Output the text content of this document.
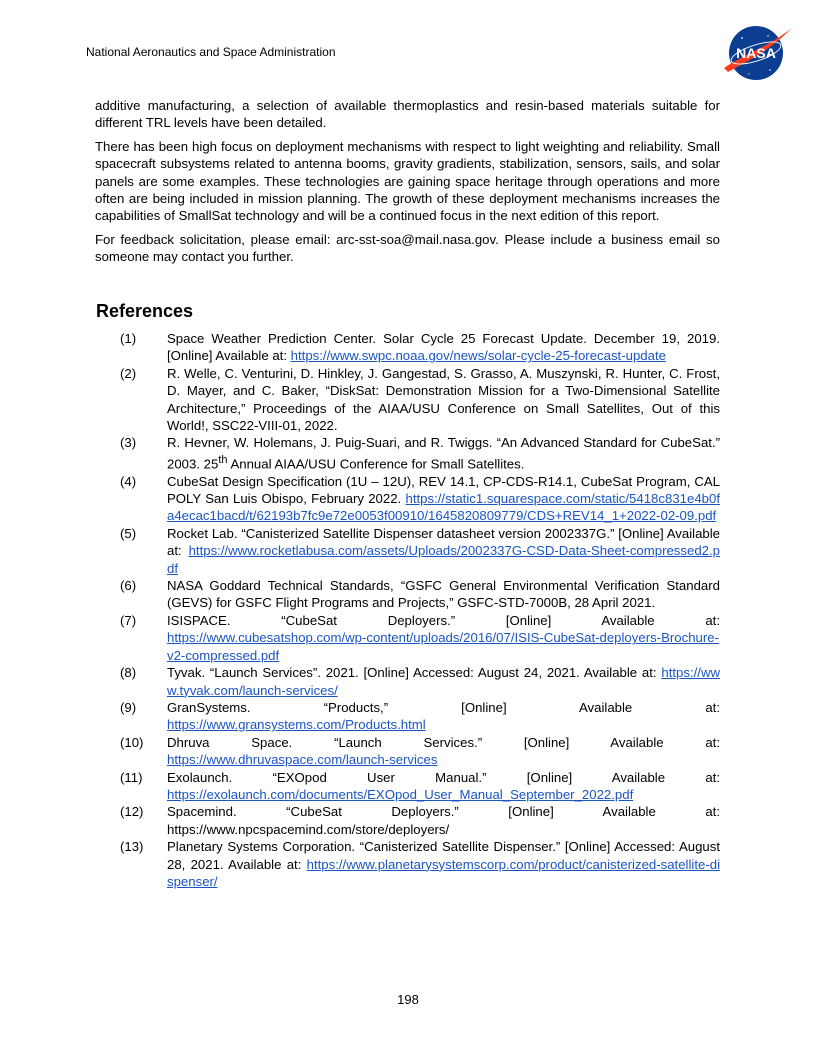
National Aeronautics and Space Administration	NASA

additive manufacturing, a selection of available thermoplastics and resin-based materials suitable for different TRL levels have been detailed.

There has been high focus on deployment mechanisms with respect to light weighting and reliability. Small spacecraft subsystems related to antenna booms, gravity gradients, stabilization, sensors, sails, and solar panels are some examples. These technologies are gaining space heritage through operations and more often are being included in mission planning. The growth of these deployment mechanisms increases the capabilities of SmallSat technology and will be a continued focus in the next edition of this report.

For feedback solicitation, please email: arc-sst-soa@mail.nasa.gov. Please include a business email so someone may contact you further.

References
(1)	Space Weather Prediction Center. Solar Cycle 25 Forecast Update. December 19, 2019. [Online] Available at: https://www.swpc.noaa.gov/news/solar-cycle-25-forecast-update
(2)	R. Welle, C. Venturini, D. Hinkley, J. Gangestad, S. Grasso, A. Muszynski, R. Hunter, C. Frost, D. Mayer, and C. Baker, “DiskSat: Demonstration Mission for a Two-Dimensional Satellite Architecture,” Proceedings of the AIAA/USU Conference on Small Satellites, Out of this World!, SSC22-VIII-01, 2022.
(3)	R. Hevner, W. Holemans, J. Puig-Suari, and R. Twiggs. “An Advanced Standard for CubeSat.” 2003. 25th Annual AIAA/USU Conference for Small Satellites.
(4)	CubeSat Design Specification (1U – 12U), REV 14.1, CP-CDS-R14.1, CubeSat Program, CAL POLY San Luis Obispo, February 2022. https://static1.squarespace.com/static/5418c831e4b0fa4ecac1bacd/t/62193b7fc9e72e0053f00910/1645820809779/CDS+REV14_1+2022-02-09.pdf
(5)	Rocket Lab. “Canisterized Satellite Dispenser datasheet version 2002337G.” [Online] Available at: https://www.rocketlabusa.com/assets/Uploads/2002337G-CSD-Data-Sheet-compressed2.pdf
(6)	NASA Goddard Technical Standards, “GSFC General Environmental Verification Standard (GEVS) for GSFC Flight Programs and Projects,” GSFC-STD-7000B, 28 April 2021.
(7)	ISISPACE. “CubeSat Deployers.” [Online] Available at:
https://www.cubesatshop.com/wp-content/uploads/2016/07/ISIS-CubeSat-deployers-Brochure-v2-compressed.pdf
(8)	Tyvak. “Launch Services”. 2021. [Online] Accessed: August 24, 2021. Available at: https://www.tyvak.com/launch-services/
(9)	GranSystems. “Products,” [Online] Available at:
https://www.gransystems.com/Products.html
(10)	Dhruva Space. “Launch Services.” [Online] Available at:
https://www.dhruvaspace.com/launch-services
(11)	Exolaunch. “EXOpod User Manual.” [Online] Available at:
https://exolaunch.com/documents/EXOpod_User_Manual_September_2022.pdf
(12)	Spacemind. “CubeSat Deployers.” [Online] Available at: https://www.npcspacemind.com/store/deployers/
(13)	Planetary Systems Corporation. “Canisterized Satellite Dispenser.” [Online] Accessed: August 28, 2021. Available at: https://www.planetarysystemscorp.com/product/canisterized-satellite-dispenser/
198
